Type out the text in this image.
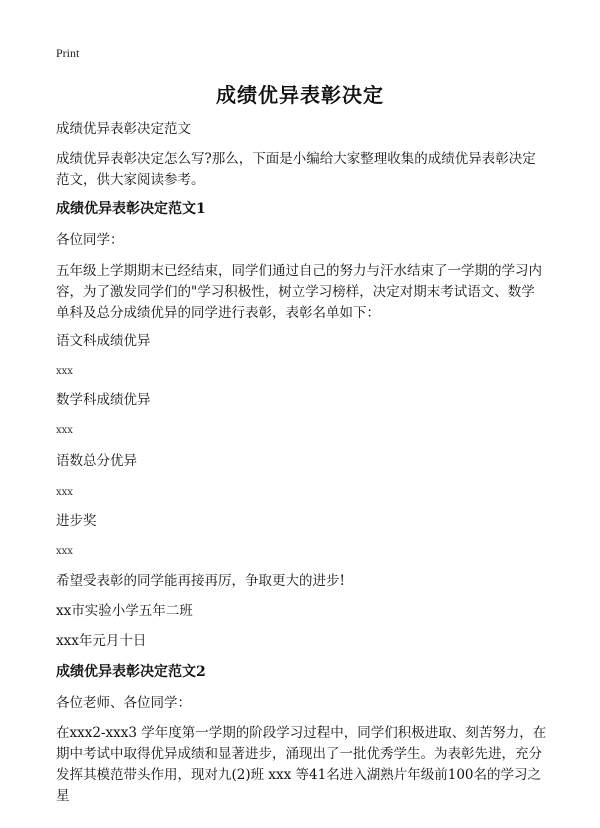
Print
成绩优异表彰决定
成绩优异表彰决定范文
成绩优异表彰决定怎么写?那么，下面是小编给大家整理收集的成绩优异表彰决定范文，供大家阅读参考。
成绩优异表彰决定范文1
各位同学：
五年级上学期期末已经结束，同学们通过自己的努力与汗水结束了一学期的学习内容，为了激发同学们的"学习积极性，树立学习榜样，决定对期末考试语文、数学单科及总分成绩优异的同学进行表彰，表彰名单如下：
语文科成绩优异
xxx
数学科成绩优异
xxx
语数总分优异
xxx
进步奖
xxx
希望受表彰的同学能再接再厉，争取更大的进步!
xx市实验小学五年二班
xxx年元月十日
成绩优异表彰决定范文2
各位老师、各位同学：
在xxx2-xxx3 学年度第一学期的阶段学习过程中，同学们积极进取、刻苦努力，在期中考试中取得优异成绩和显著进步，涌现出了一批优秀学生。为表彰先进，充分发挥其模范带头作用，现对九(2)班 xxx 等41名进入湖熟片年级前100名的学习之星
